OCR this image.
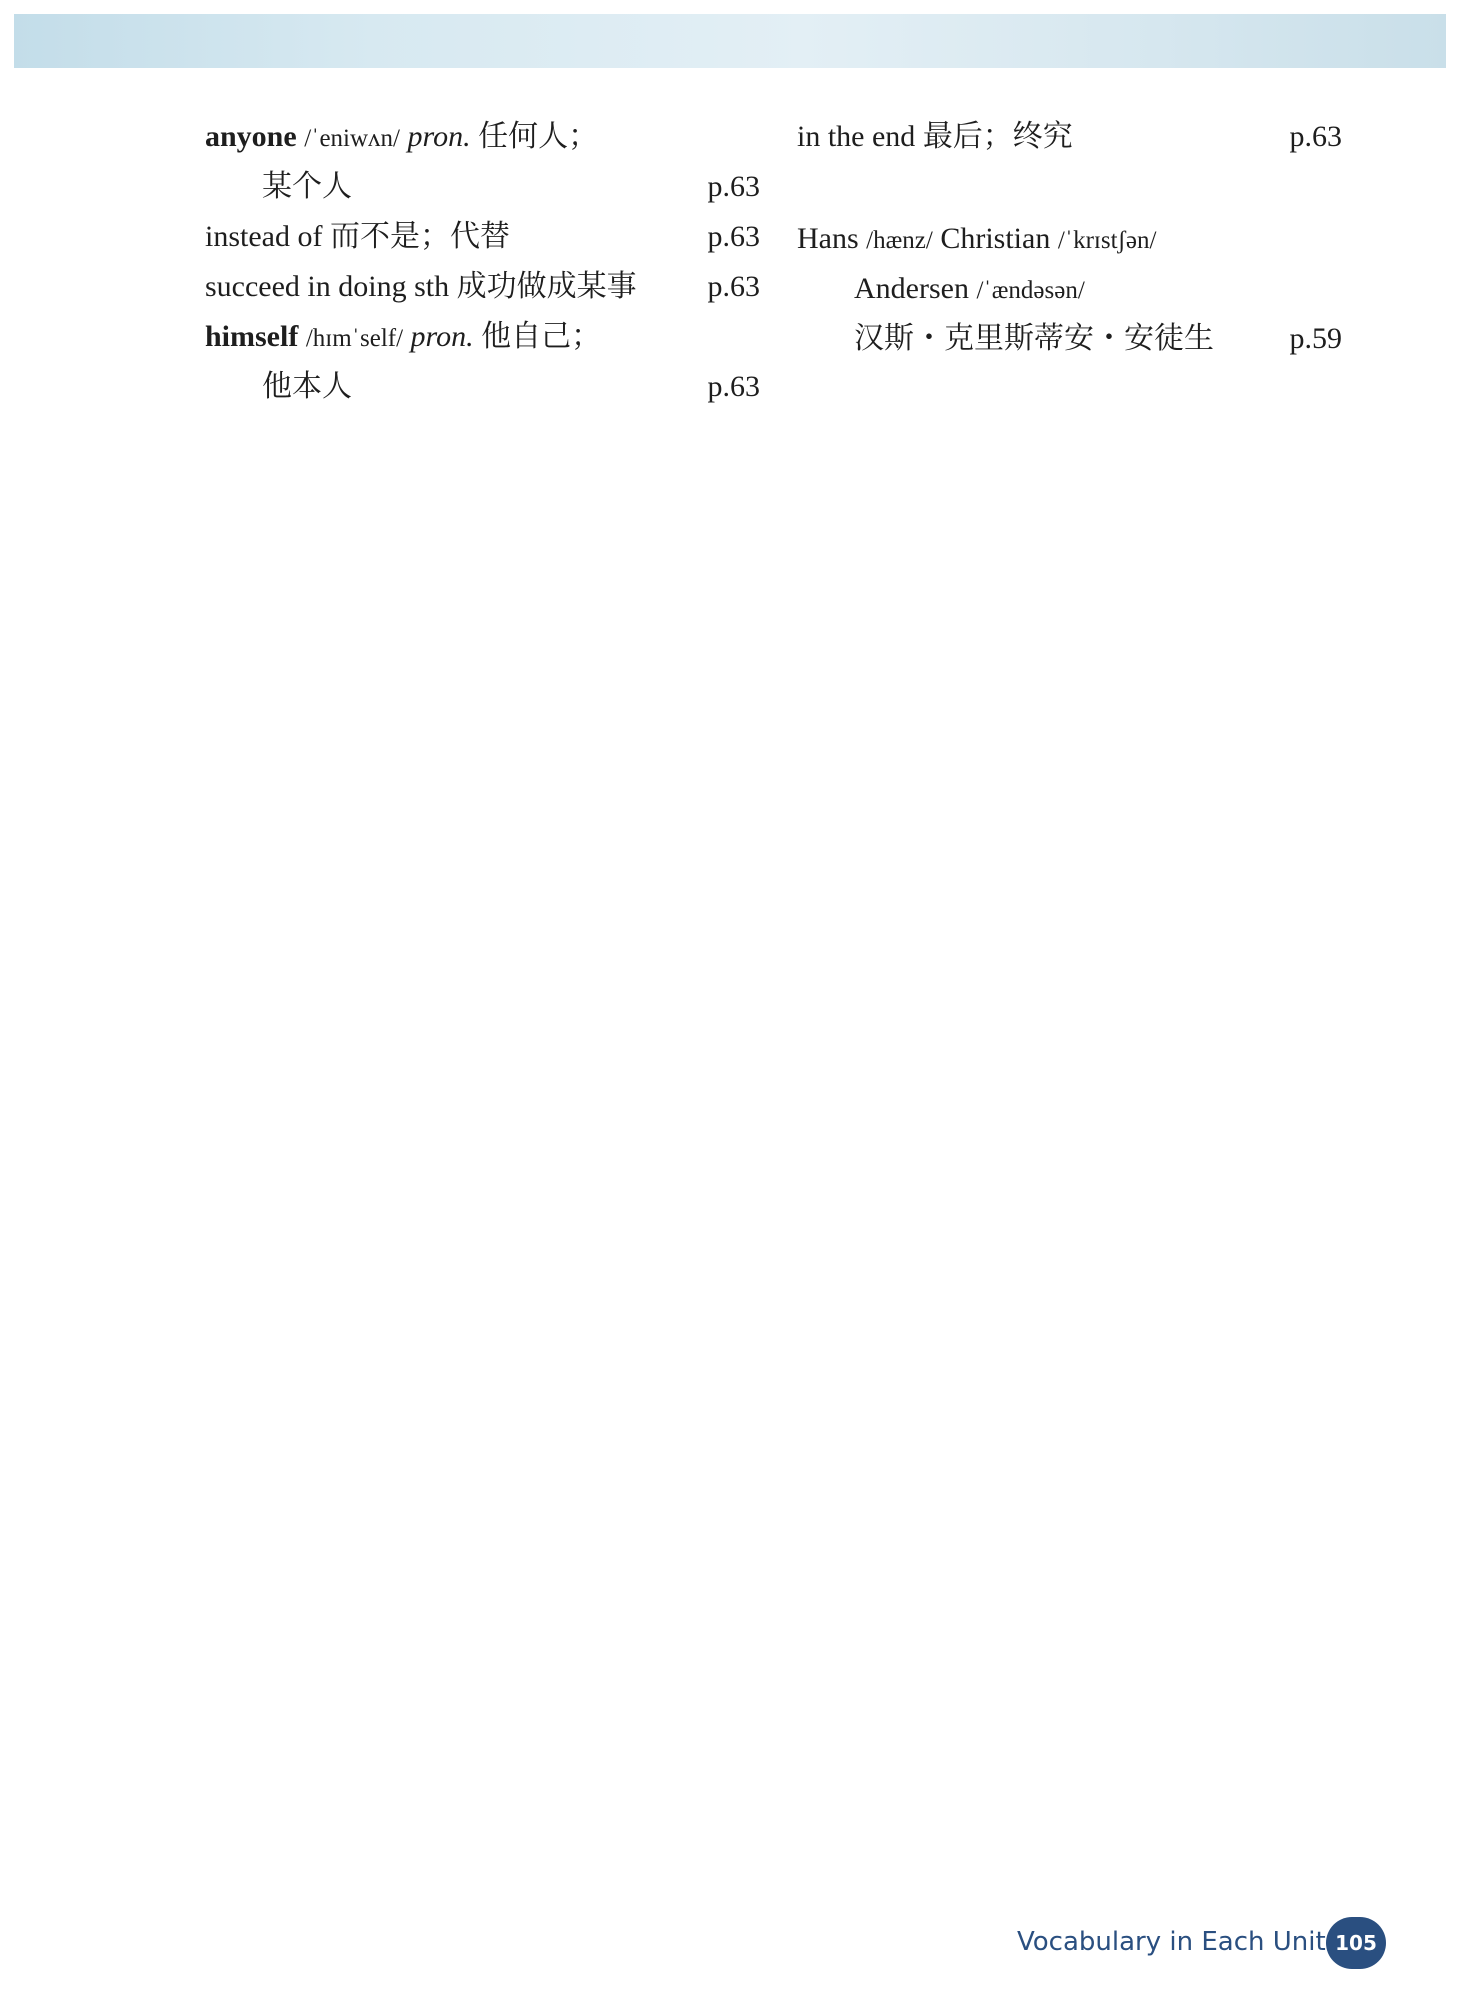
anyone /ˈeniwʌn/ pron. 任何人；
某个人	p.63
instead of 而不是；代替	p.63
succeed in doing sth 成功做成某事 p.63
himself /hɪmˈself/ pron. 他自己；
他本人	p.63
in the end 最后；终究	p.63
Hans /hænz/ Christian /ˈkrɪstʃən/
Andersen /ˈændəsən/
汉斯・克里斯蒂安・安徒生	p.59
Vocabulary in Each Unit 105
